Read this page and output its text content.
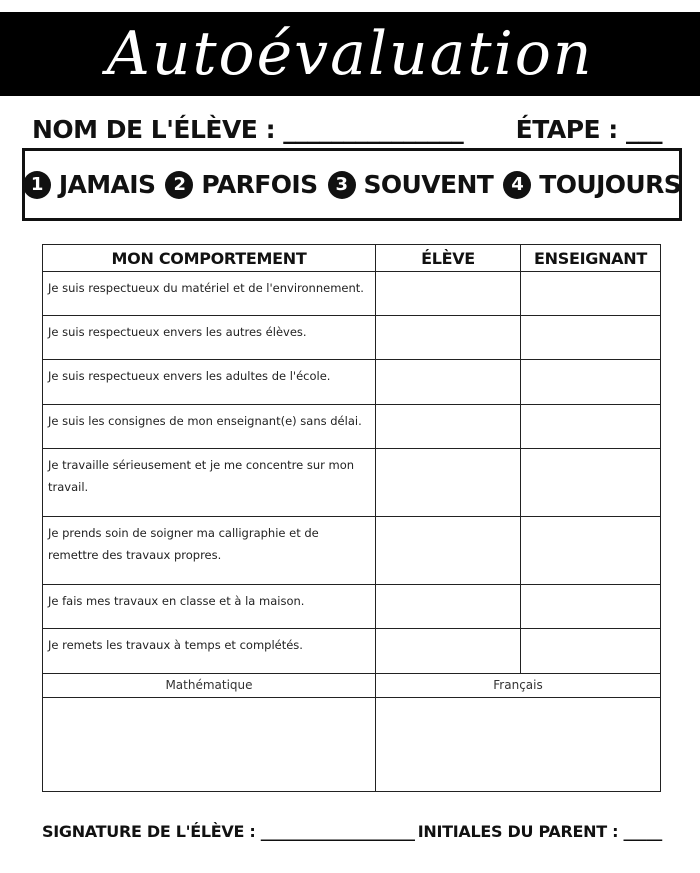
Autoévaluation
NOM DE L'ÉLÈVE : _______________ ÉTAPE : ___
1 JAMAIS	2 PARFOIS	3 SOUVENT	4 TOUJOURS
MON COMPORTEMENT	ÉLÈVE	ENSEIGNANT
Je suis respectueux du matériel et de l'environnement.		
Je suis respectueux envers les autres élèves.		
Je suis respectueux envers les adultes de l'école.		
Je suis les consignes de mon enseignant(e) sans délai.		
Je travaille sérieusement et je me concentre sur mon travail.		
Je prends soin de soigner ma calligraphie et de remettre des travaux propres.		
Je fais mes travaux en classe et à la maison.		
Je remets les travaux à temps et complétés.		
Mathématique	Français	

SIGNATURE DE L'ÉLÈVE : ____________________ INITIALES DU PARENT : _____
